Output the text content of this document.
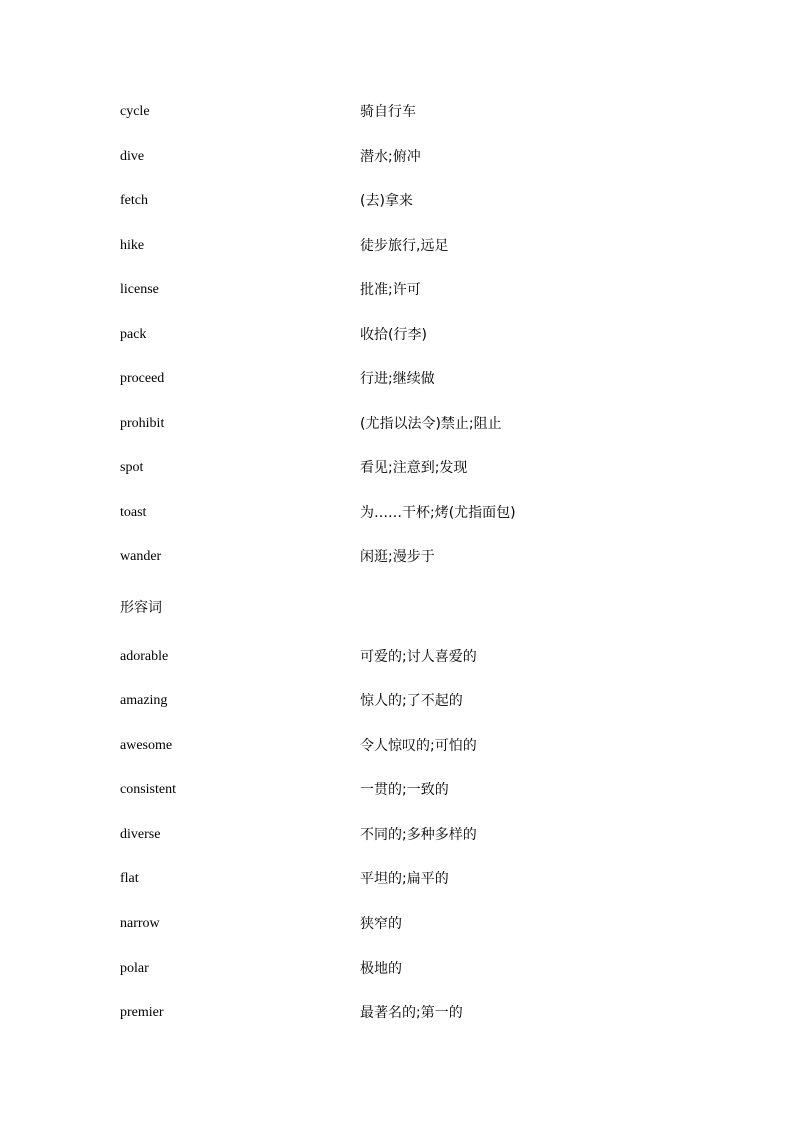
cycle	骑自行车
dive	潜水;俯冲
fetch	(去)拿来
hike	徒步旅行,远足
license	批准;许可
pack	收拾(行李)
proceed	行进;继续做
prohibit	(尤指以法令)禁止;阻止
spot	看见;注意到;发现
toast	为……干杯;烤(尤指面包)
wander	闲逛;漫步于
形容词
adorable	可爱的;讨人喜爱的
amazing	惊人的;了不起的
awesome	令人惊叹的;可怕的
consistent	一贯的;一致的
diverse	不同的;多种多样的
flat	平坦的;扁平的
narrow	狭窄的
polar	极地的
premier	最著名的;第一的
